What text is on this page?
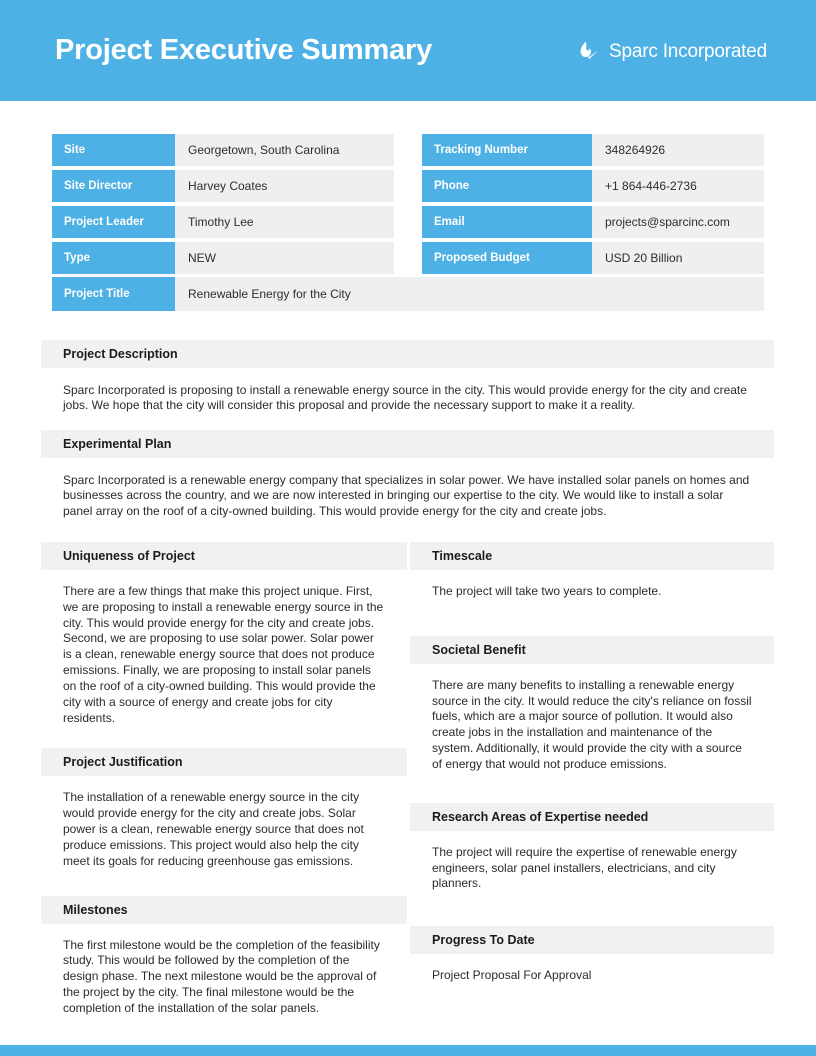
Project Executive Summary	Sparc Incorporated
Site	Georgetown, South Carolina	Tracking Number	348264926
Site Director	Harvey Coates	Phone	+1 864-446-2736
Project Leader	Timothy Lee	Email	projects@sparcinc.com
Type	NEW	Proposed Budget	USD 20 Billion
Project Title	Renewable Energy for the City
Project Description
Sparc Incorporated is proposing to install a renewable energy source in the city. This would provide energy for the city and create jobs. We hope that the city will consider this proposal and provide the necessary support to make it a reality.
Experimental Plan
Sparc Incorporated is a renewable energy company that specializes in solar power. We have installed solar panels on homes and businesses across the country, and we are now interested in bringing our expertise to the city. We would like to install a solar panel array on the roof of a city-owned building. This would provide energy for the city and create jobs.
Uniqueness of Project
There are a few things that make this project unique. First, we are proposing to install a renewable energy source in the city. This would provide energy for the city and create jobs. Second, we are proposing to use solar power. Solar power is a clean, renewable energy source that does not produce emissions. Finally, we are proposing to install solar panels on the roof of a city-owned building. This would provide the city with a source of energy and create jobs for city residents.
Project Justification
The installation of a renewable energy source in the city would provide energy for the city and create jobs. Solar power is a clean, renewable energy source that does not produce emissions. This project would also help the city meet its goals for reducing greenhouse gas emissions.
Milestones
The first milestone would be the completion of the feasibility study. This would be followed by the completion of the design phase. The next milestone would be the approval of the project by the city. The final milestone would be the completion of the installation of the solar panels.
Timescale
The project will take two years to complete.
Societal Benefit
There are many benefits to installing a renewable energy source in the city. It would reduce the city's reliance on fossil fuels, which are a major source of pollution. It would also create jobs in the installation and maintenance of the system. Additionally, it would provide the city with a source of energy that would not produce emissions.
Research Areas of Expertise needed
The project will require the expertise of renewable energy engineers, solar panel installers, electricians, and city planners.
Progress To Date
Project Proposal For Approval
